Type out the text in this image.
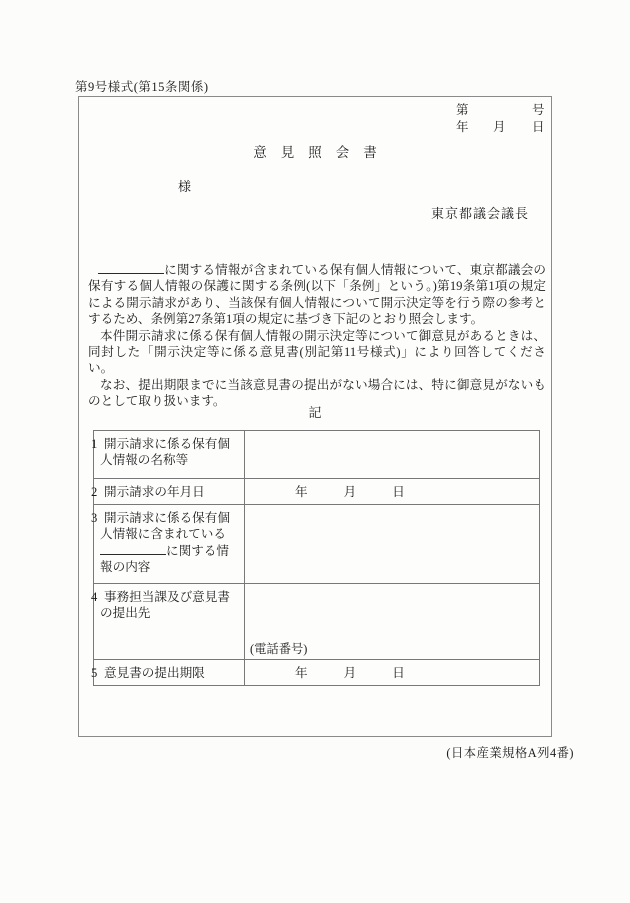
第9号様式(第15条関係)
第	号
年 月 日
意見照会書
様
東京都議会議長

に関する情報が含まれている保有個人情報について、東京都議会の保有する個人情報の保護に関する条例(以下「条例」という。)第19条第1項の規定による開示請求があり、当該保有個人情報について開示決定等を行う際の参考とするため、条例第27条第1項の規定に基づき下記のとおり照会します。

本件開示請求に係る保有個人情報の開示決定等について御意見があるときは、同封した「開示決定等に係る意見書(別記第11号様式)」により回答してください。

なお、提出期限までに当該意見書の提出がない場合には、特に御意見がないものとして取り扱います。

記
1 開示請求に係る保有個人情報の名称等	
2 開示請求の年月日	年 月 日

3 開示請求に係る保有個人情報に含まれているに関する情報の内容	
4 事務担当課及び意見書の提出先	(電話番号)

5 意見書の提出期限	年 月 日
(日本産業規格A列4番)
